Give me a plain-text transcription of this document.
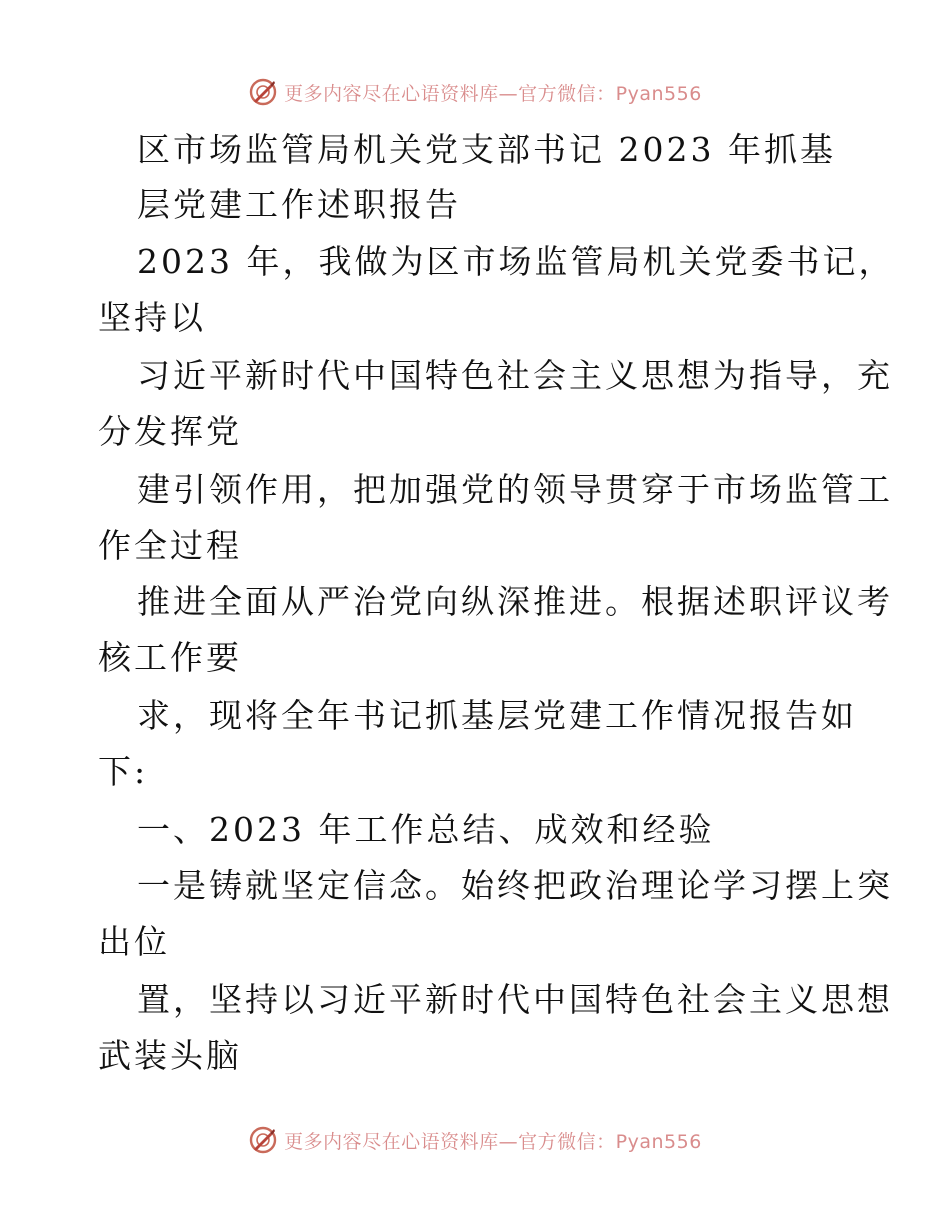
更多内容尽在心语资料库—官方微信：Pyan556
区市场监管局机关党支部书记 2023 年抓基
层党建工作述职报告
2023 年，我做为区市场监管局机关党委书记，
坚持以
习近平新时代中国特色社会主义思想为指导，充
分发挥党
建引领作用，把加强党的领导贯穿于市场监管工
作全过程
推进全面从严治党向纵深推进。根据述职评议考
核工作要
求，现将全年书记抓基层党建工作情况报告如
下:
一、2023 年工作总结、成效和经验
一是铸就坚定信念。始终把政治理论学习摆上突
出位
置，坚持以习近平新时代中国特色社会主义思想
武装头脑
更多内容尽在心语资料库—官方微信：Pyan556
